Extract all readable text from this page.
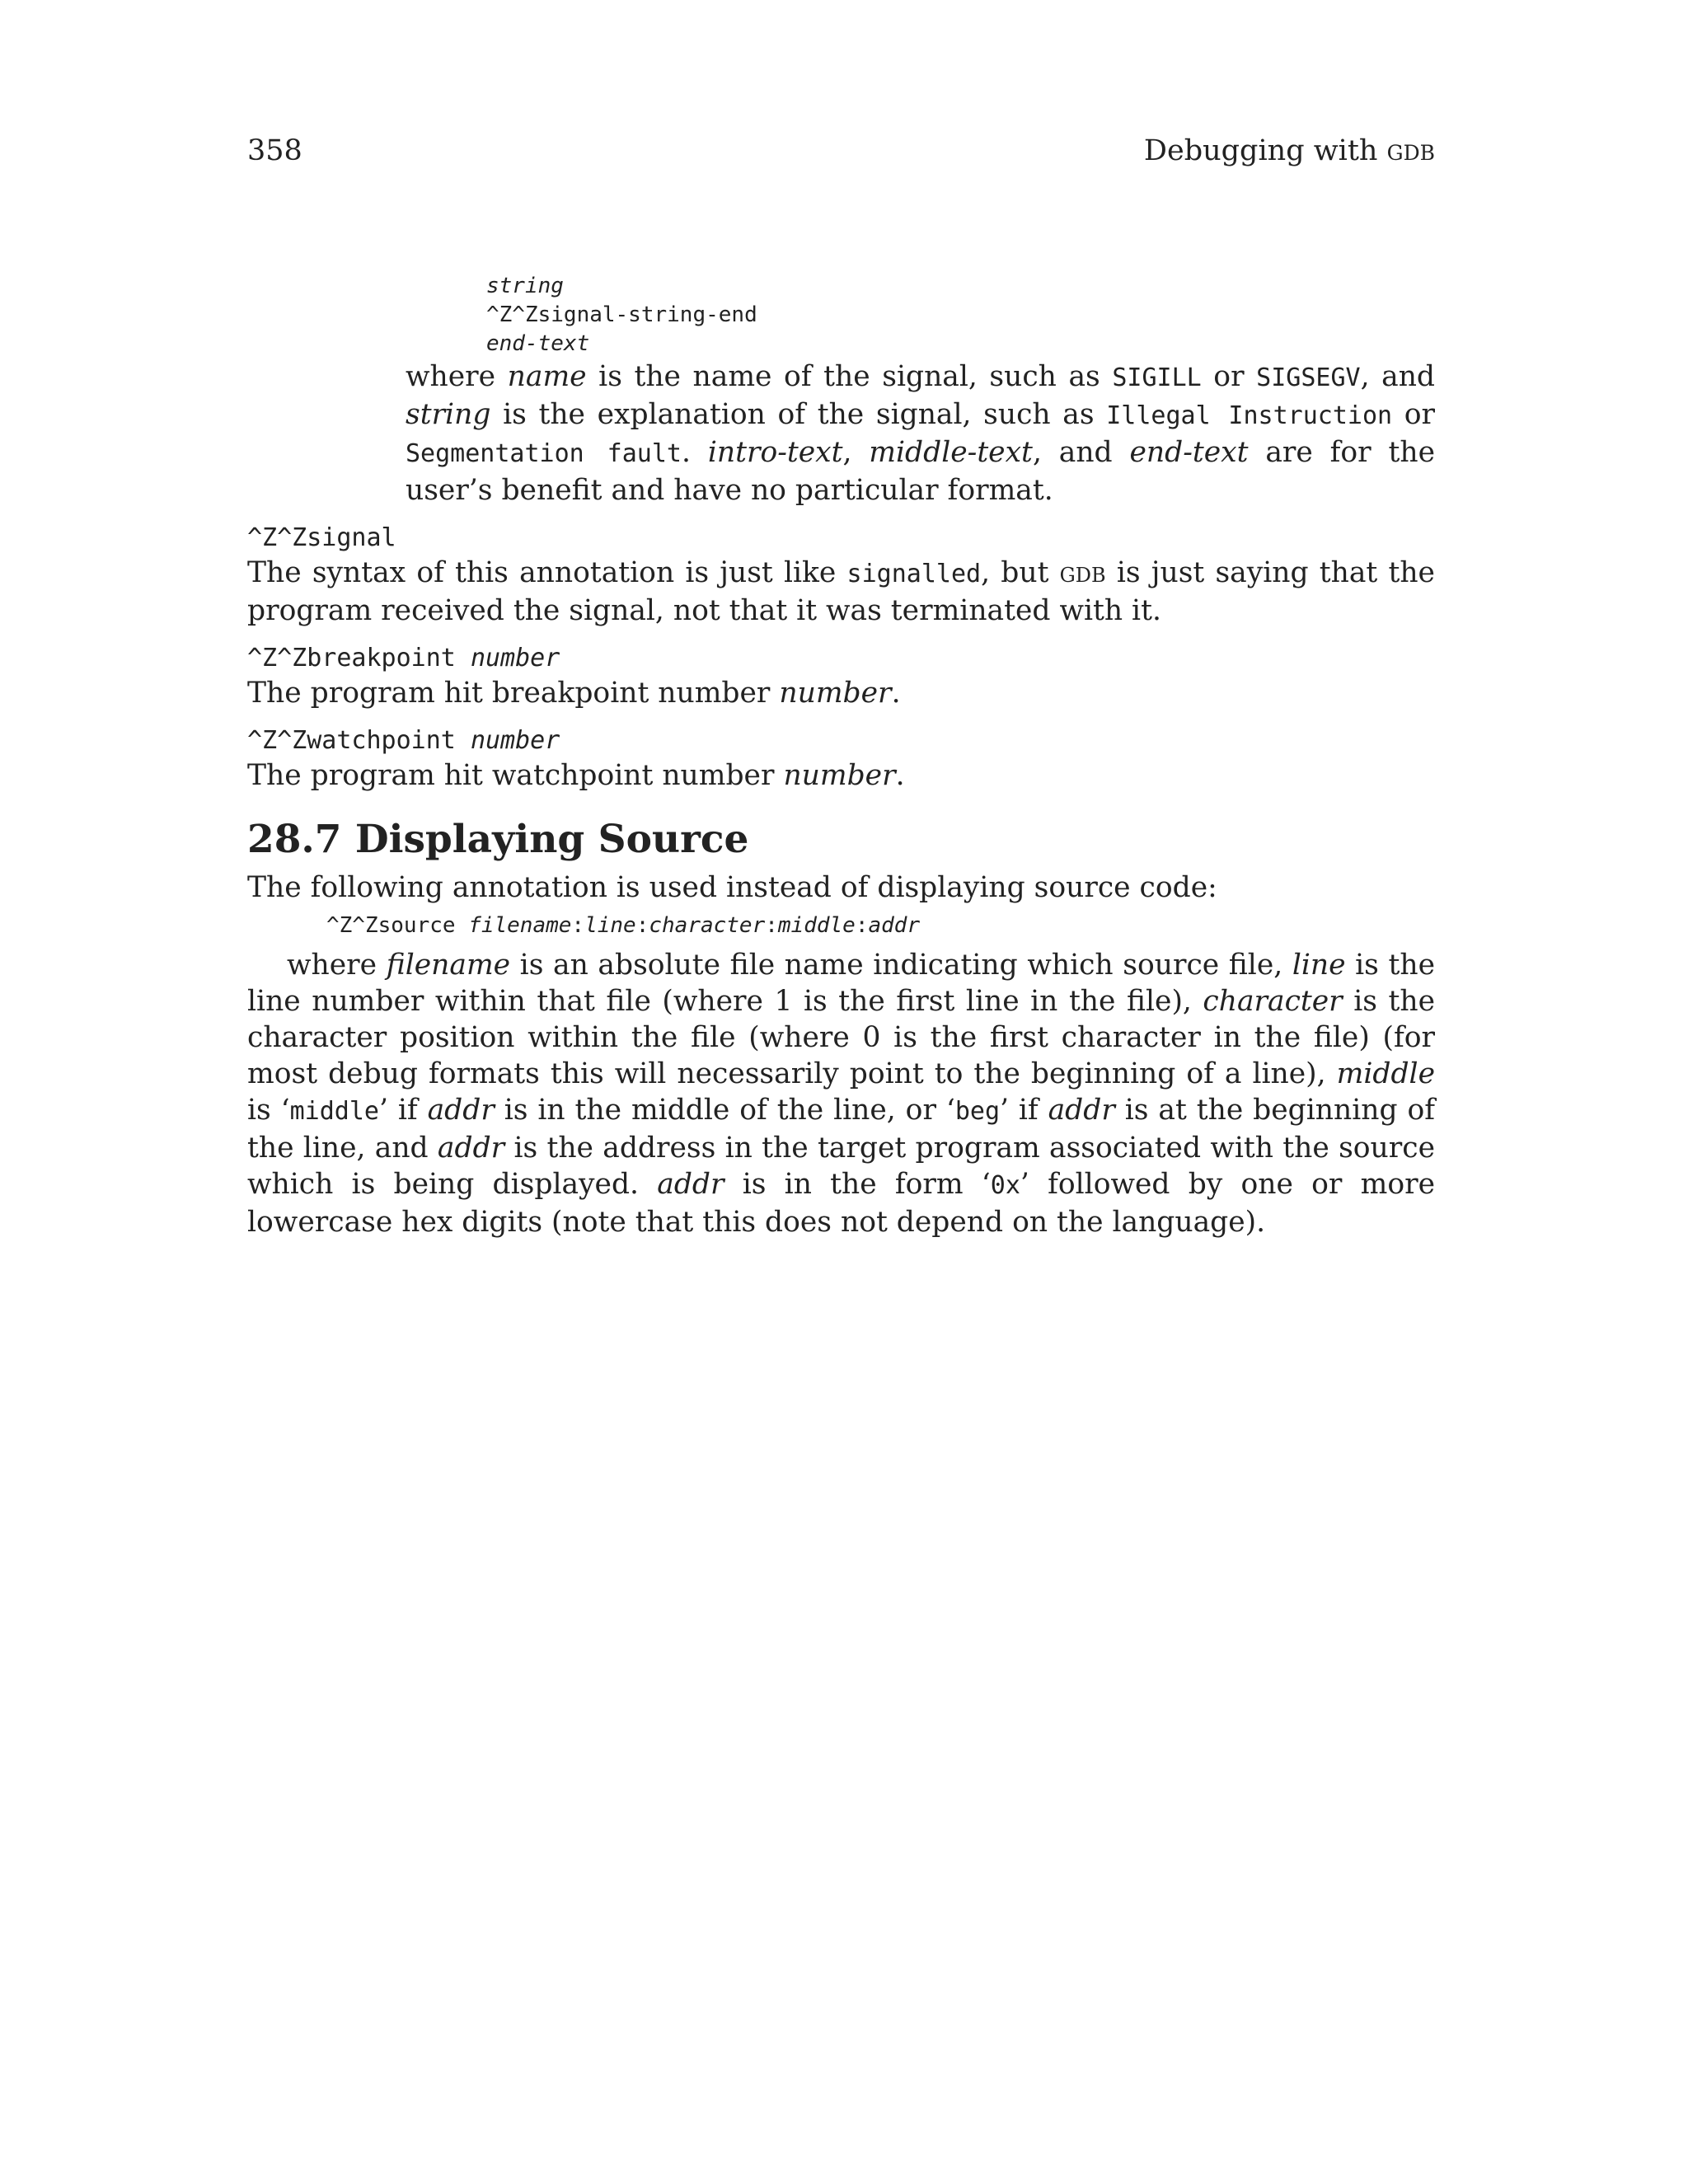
358	Debugging with gdb
string
^Z^Zsignal-string-end
end-text

where name is the name of the signal, such as SIGILL or SIGSEGV, and string is the explanation of the signal, such as Illegal Instruction or Segmentation fault. intro-text, middle-text, and end-text are for the user’s benefit and have no particular format.

^Z^Zsignal

The syntax of this annotation is just like signalled, but gdb is just saying that the program received the signal, not that it was terminated with it.

^Z^Zbreakpoint number

The program hit breakpoint number number.

^Z^Zwatchpoint number

The program hit watchpoint number number.

28.7 Displaying Source

The following annotation is used instead of displaying source code:

^Z^Zsource filename:line:character:middle:addr

where filename is an absolute file name indicating which source file, line is the line number within that file (where 1 is the first line in the file), character is the character position within the file (where 0 is the first character in the file) (for most debug formats this will necessarily point to the beginning of a line), middle is ‘middle’ if addr is in the middle of the line, or ‘beg’ if addr is at the beginning of the line, and addr is the address in the target program associated with the source which is being displayed. addr is in the form ‘0x’ followed by one or more lowercase hex digits (note that this does not depend on the language).
